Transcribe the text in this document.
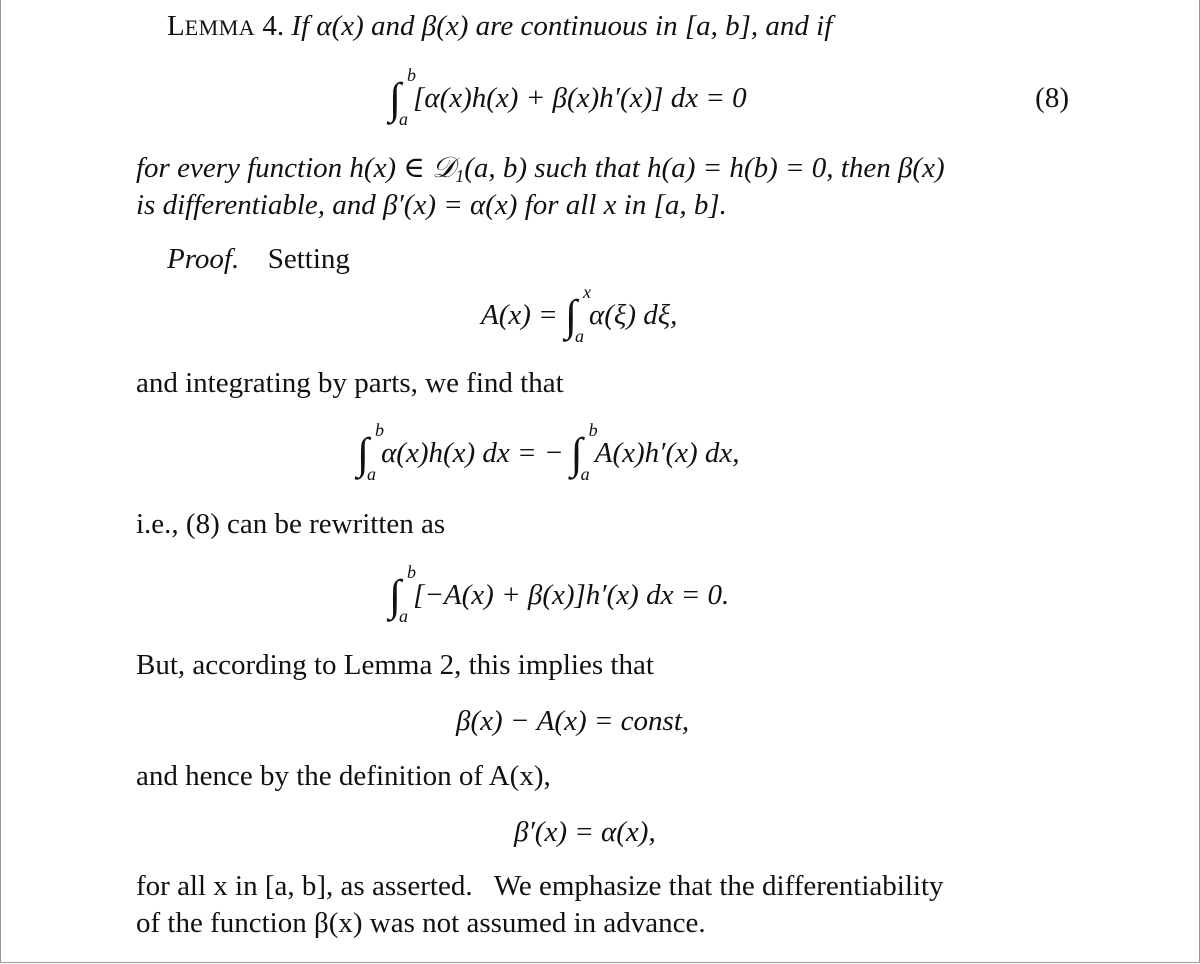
LEMMA 4. If α(x) and β(x) are continuous in [a, b], and if
∫ b
a
[α(x)h(x) + β(x)h′(x)] dx = 0	(8)
for every function h(x) ∈ 𝒟$_1$(a, b) such that h(a) = h(b) = 0, then β(x)
is differentiable, and β′(x) = α(x) for all x in [a, b].
Proof. Setting
A(x) = ∫ x
a
α(ξ) dξ,
and integrating by parts, we find that
∫ b
a
α(x)h(x) dx = − ∫ b
a
A(x)h′(x) dx,
i.e., (8) can be rewritten as
∫ b
a
[−A(x) + β(x)]h′(x) dx = 0.
But, according to Lemma 2, this implies that
β(x) − A(x) = const,
and hence by the definition of A(x),
β′(x) = α(x),
for all x in [a, b], as asserted.   We emphasize that the differentiability
of the function β(x) was not assumed in advance.
